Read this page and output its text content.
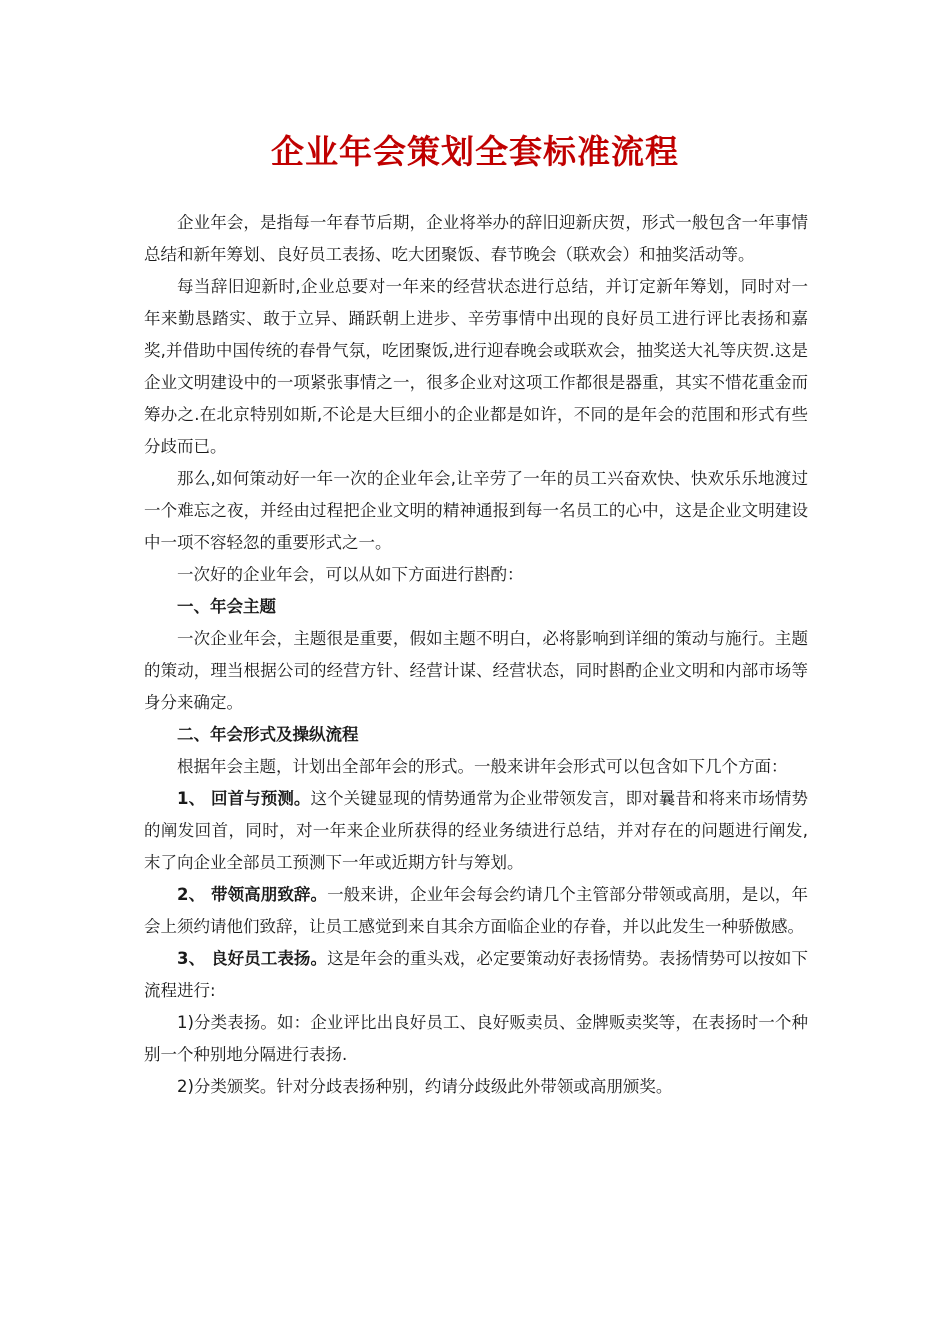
企业年会策划全套标准流程

企业年会，是指每一年春节后期，企业将举办的辞旧迎新庆贺，形式一般包含一年事情总结和新年筹划、良好员工表扬、吃大团聚饭、春节晚会（联欢会）和抽奖活动等。

每当辞旧迎新时,企业总要对一年来的经营状态进行总结，并订定新年筹划，同时对一年来勤恳踏实、敢于立异、踊跃朝上进步、辛劳事情中出现的良好员工进行评比表扬和嘉奖,并借助中国传统的春骨气氛，吃团聚饭,进行迎春晚会或联欢会，抽奖送大礼等庆贺.这是企业文明建设中的一项紧张事情之一，很多企业对这项工作都很是器重，其实不惜花重金而筹办之.在北京特别如斯,不论是大巨细小的企业都是如许，不同的是年会的范围和形式有些分歧而已。

那么,如何策动好一年一次的企业年会,让辛劳了一年的员工兴奋欢快、快欢乐乐地渡过一个难忘之夜，并经由过程把企业文明的精神通报到每一名员工的心中，这是企业文明建设中一项不容轻忽的重要形式之一。

一次好的企业年会，可以从如下方面进行斟酌：

一、年会主题

一次企业年会，主题很是重要，假如主题不明白，必将影响到详细的策动与施行。主题的策动，理当根据公司的经营方针、经营计谋、经营状态，同时斟酌企业文明和内部市场等身分来确定。

二、年会形式及操纵流程

根据年会主题，计划出全部年会的形式。一般来讲年会形式可以包含如下几个方面：

1、 回首与预测。这个关键显现的情势通常为企业带领发言，即对曩昔和将来市场情势的阐发回首，同时，对一年来企业所获得的经业务绩进行总结，并对存在的问题进行阐发,末了向企业全部员工预测下一年或近期方针与筹划。

2、 带领高朋致辞。一般来讲，企业年会每会约请几个主管部分带领或高朋，是以，年会上须约请他们致辞，让员工感觉到来自其余方面临企业的存眷，并以此发生一种骄傲感。

3、 良好员工表扬。这是年会的重头戏，必定要策动好表扬情势。表扬情势可以按如下流程进行:

1)分类表扬。如：企业评比出良好员工、良好贩卖员、金牌贩卖奖等，在表扬时一个种别一个种别地分隔进行表扬.

2)分类颁奖。针对分歧表扬种别，约请分歧级此外带领或高朋颁奖。
